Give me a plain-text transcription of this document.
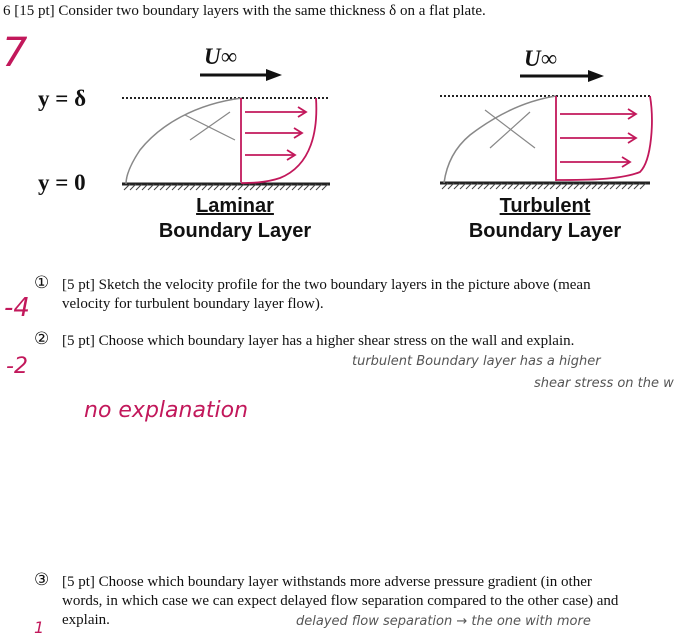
6 [15 pt] Consider two boundary layers with the same thickness δ on a flat plate.
7
y = δ
y = 0
U∞	U∞
Laminar
Boundary Layer
Turbulent
Boundary Layer
① [5 pt] Sketch the velocity profile for the two boundary layers in the picture above (mean
velocity for turbulent boundary layer flow).
-4
② [5 pt] Choose which boundary layer has a higher shear stress on the wall and explain.
-2	turbulent Boundary layer has a higher
shear stress on the w
no explanation
③ [5 pt] Choose which boundary layer withstands more adverse pressure gradient (in other
words, in which case we can expect delayed flow separation compared to the other case) and
explain.
1	delayed flow separation → the one with more
